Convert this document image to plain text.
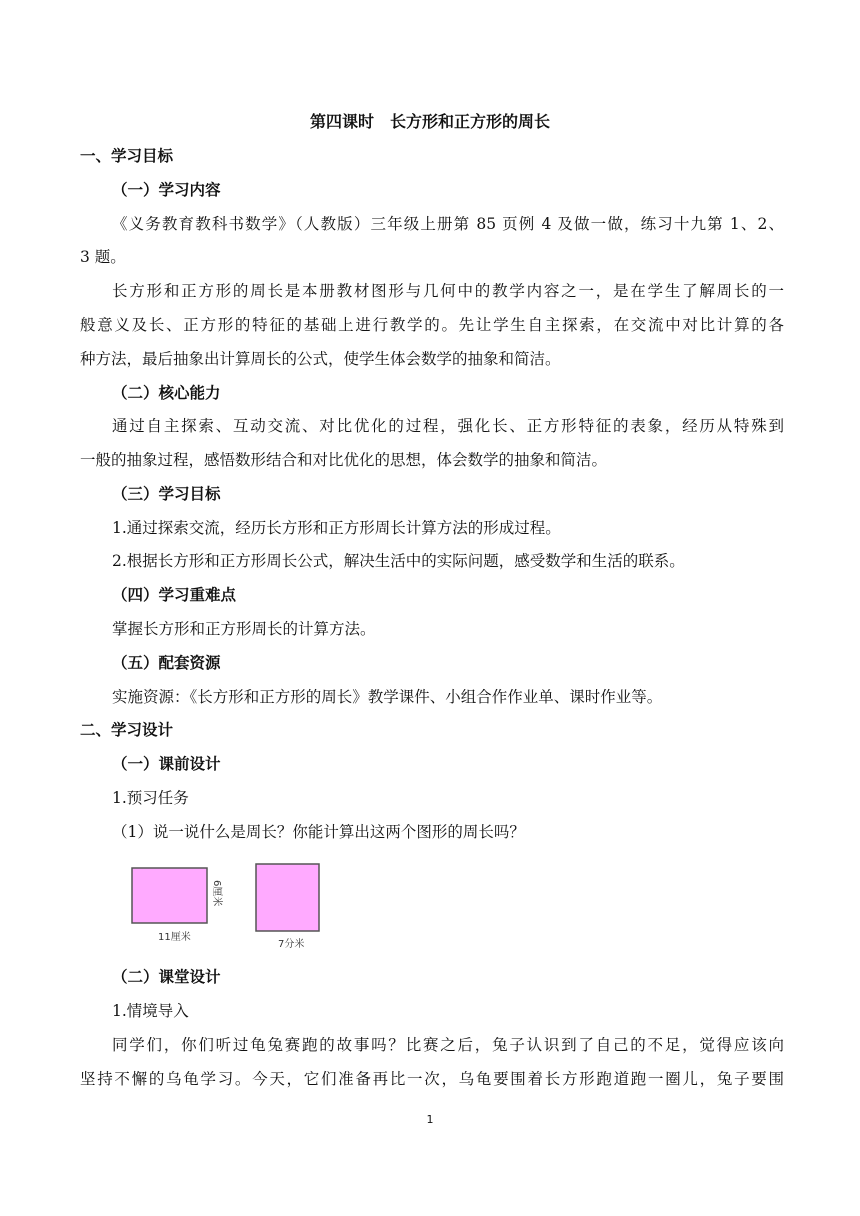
第四课时　长方形和正方形的周长
一、学习目标
（一）学习内容
《义务教育教科书数学》（人教版）三年级上册第 85 页例 4 及做一做，练习十九第 1、2、
3 题。
长方形和正方形的周长是本册教材图形与几何中的教学内容之一，是在学生了解周长的一
般意义及长、正方形的特征的基础上进行教学的。先让学生自主探索，在交流中对比计算的各
种方法，最后抽象出计算周长的公式，使学生体会数学的抽象和简洁。
（二）核心能力
通过自主探索、互动交流、对比优化的过程，强化长、正方形特征的表象，经历从特殊到
一般的抽象过程，感悟数形结合和对比优化的思想，体会数学的抽象和简洁。
（三）学习目标
1.通过探索交流，经历长方形和正方形周长计算方法的形成过程。
2.根据长方形和正方形周长公式，解决生活中的实际问题，感受数学和生活的联系。
（四）学习重难点
掌握长方形和正方形周长的计算方法。
（五）配套资源
实施资源：《长方形和正方形的周长》教学课件、小组合作作业单、课时作业等。
二、学习设计
（一）课前设计
1.预习任务
（1）说一说什么是周长？你能计算出这两个图形的周长吗？
6厘米
11厘米
7分米
（二）课堂设计
1.情境导入
同学们，你们听过龟兔赛跑的故事吗？比赛之后，兔子认识到了自己的不足，觉得应该向
坚持不懈的乌龟学习。今天，它们准备再比一次，乌龟要围着长方形跑道跑一圈儿，兔子要围
1
